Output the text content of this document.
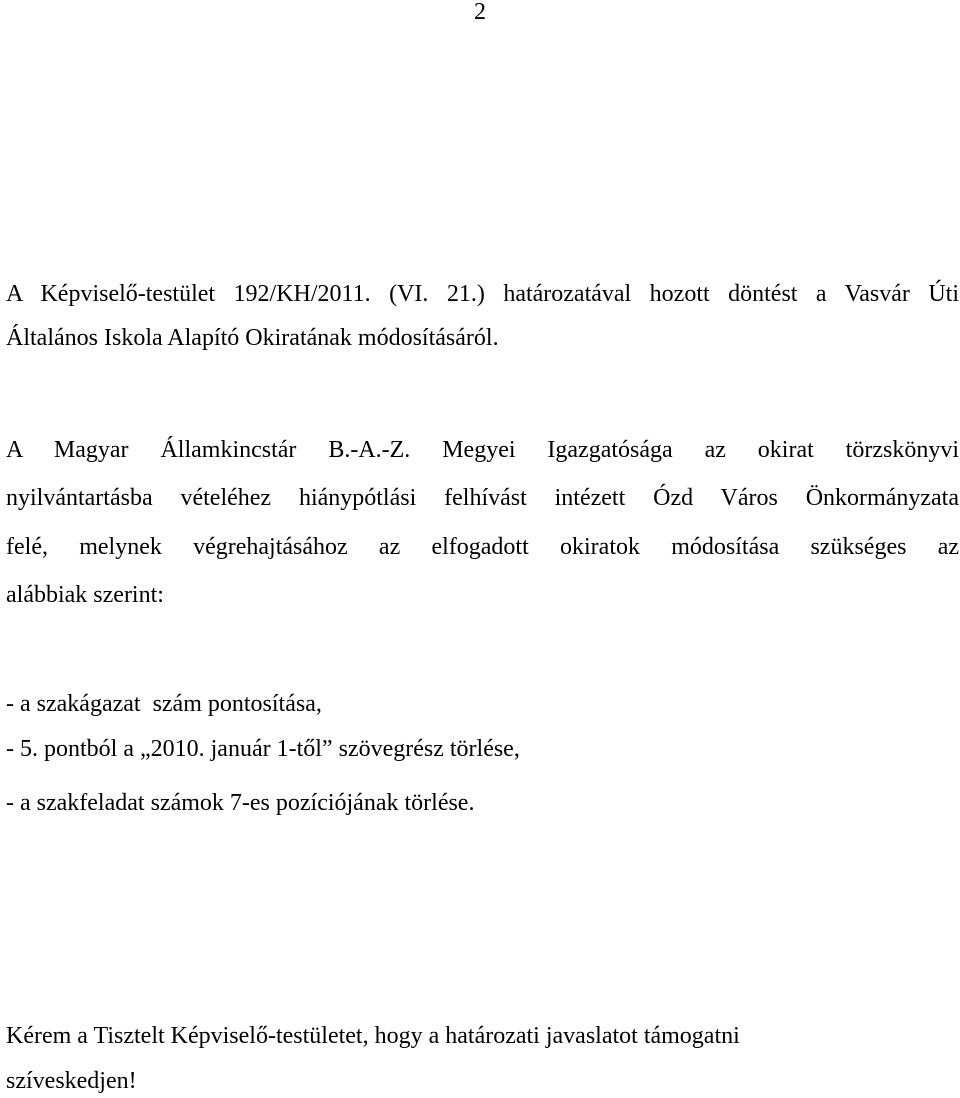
2
A Képviselő-testület 192/KH/2011. (VI. 21.) határozatával hozott döntést a Vasvár Úti
Általános Iskola Alapító Okiratának módosításáról.
A Magyar Államkincstár B.-A.-Z. Megyei Igazgatósága az okirat törzskönyvi
nyilvántartásba vételéhez hiánypótlási felhívást intézett Ózd Város Önkormányzata
felé, melynek végrehajtásához az elfogadott okiratok módosítása szükséges az
alábbiak szerint:
- a szakágazat  szám pontosítása,
- 5. pontból a „2010. január 1-től” szövegrész törlése,
- a szakfeladat számok 7-es pozíciójának törlése.
Kérem a Tisztelt Képviselő-testületet, hogy a határozati javaslatot támogatni
szíveskedjen!
